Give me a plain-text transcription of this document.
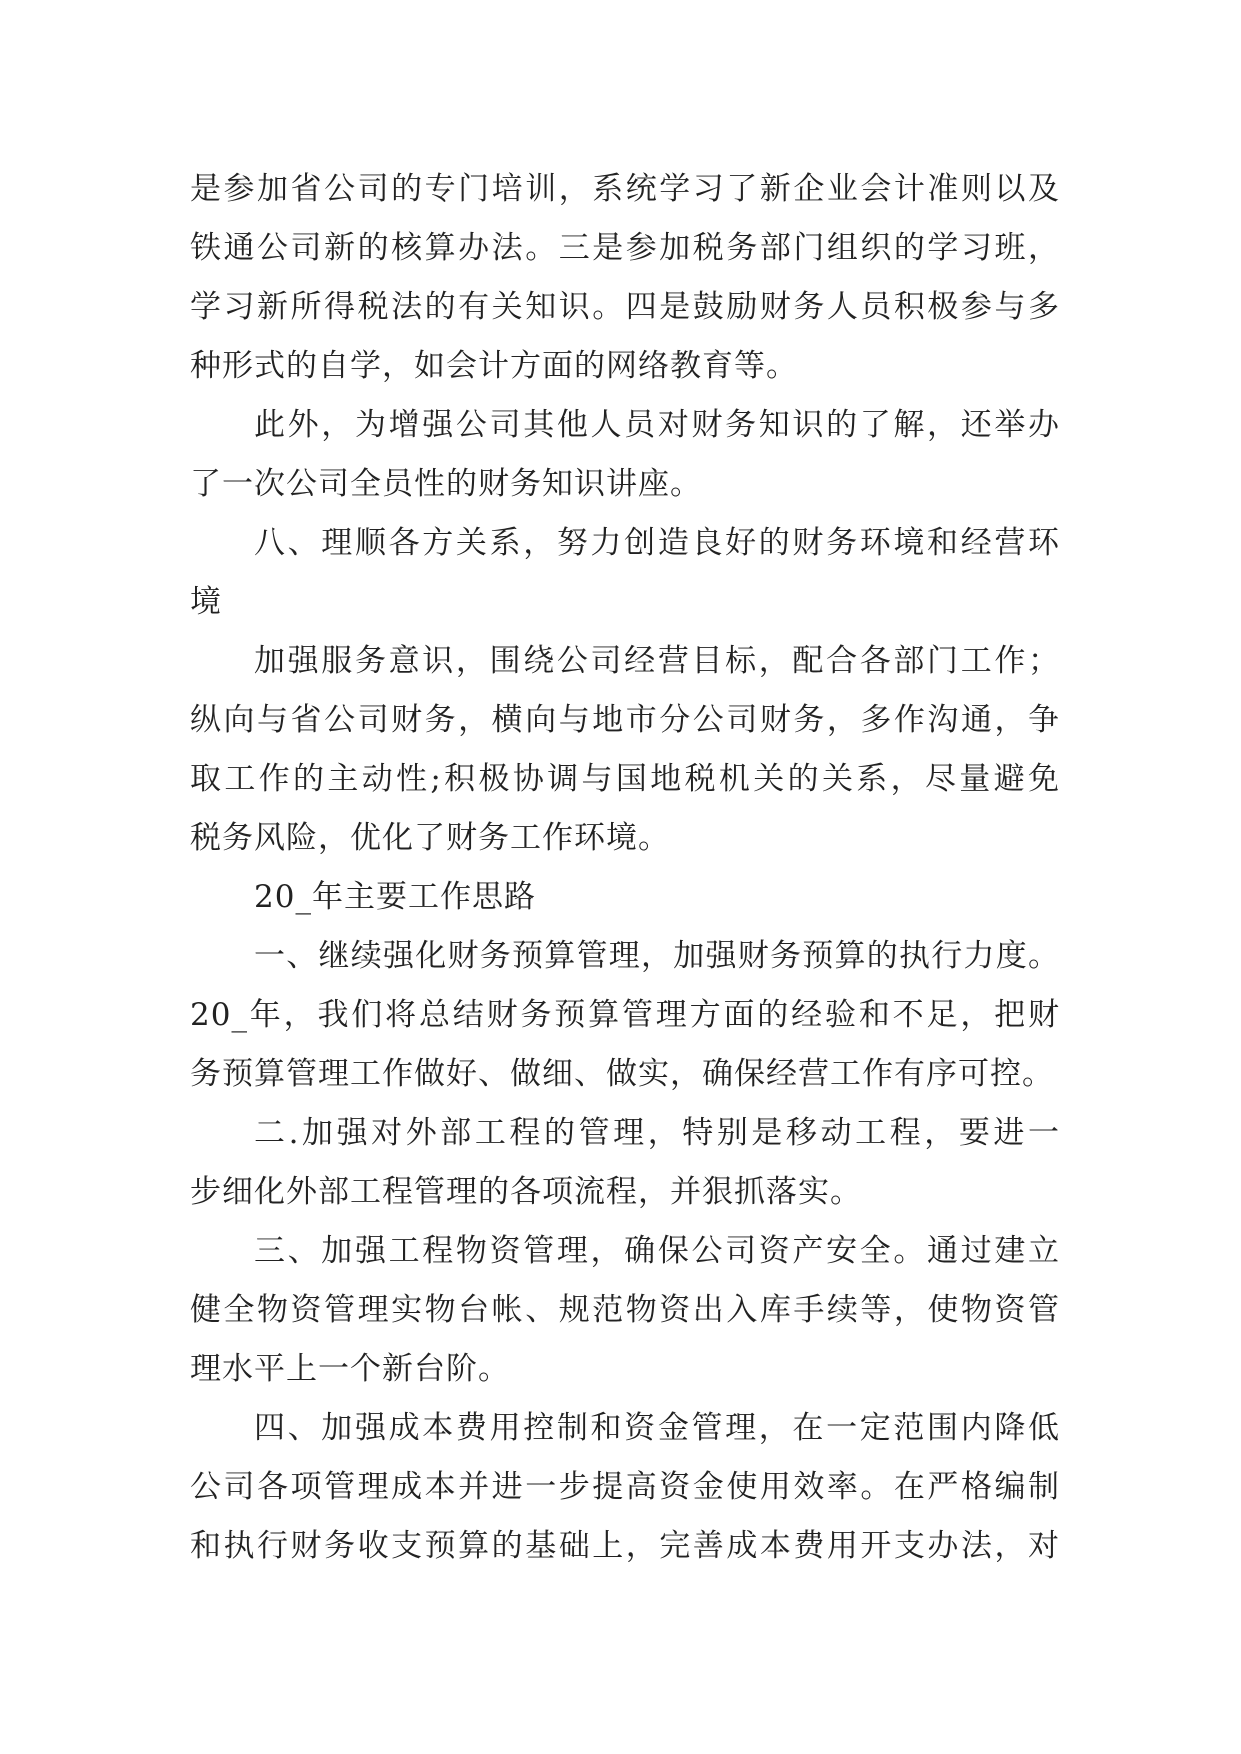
是参加省公司的专门培训，系统学习了新企业会计准则以及
铁通公司新的核算办法。三是参加税务部门组织的学习班，
学习新所得税法的有关知识。四是鼓励财务人员积极参与多
种形式的自学，如会计方面的网络教育等。
此外，为增强公司其他人员对财务知识的了解，还举办
了一次公司全员性的财务知识讲座。
八、理顺各方关系，努力创造良好的财务环境和经营环
境
加强服务意识，围绕公司经营目标，配合各部门工作；
纵向与省公司财务，横向与地市分公司财务，多作沟通，争
取工作的主动性;积极协调与国地税机关的关系，尽量避免
税务风险，优化了财务工作环境。
20_年主要工作思路
一、继续强化财务预算管理，加强财务预算的执行力度。
20_年，我们将总结财务预算管理方面的经验和不足，把财
务预算管理工作做好、做细、做实，确保经营工作有序可控。
二.加强对外部工程的管理，特别是移动工程，要进一
步细化外部工程管理的各项流程，并狠抓落实。
三、加强工程物资管理，确保公司资产安全。通过建立
健全物资管理实物台帐、规范物资出入库手续等，使物资管
理水平上一个新台阶。
四、加强成本费用控制和资金管理，在一定范围内降低
公司各项管理成本并进一步提高资金使用效率。在严格编制
和执行财务收支预算的基础上，完善成本费用开支办法，对
